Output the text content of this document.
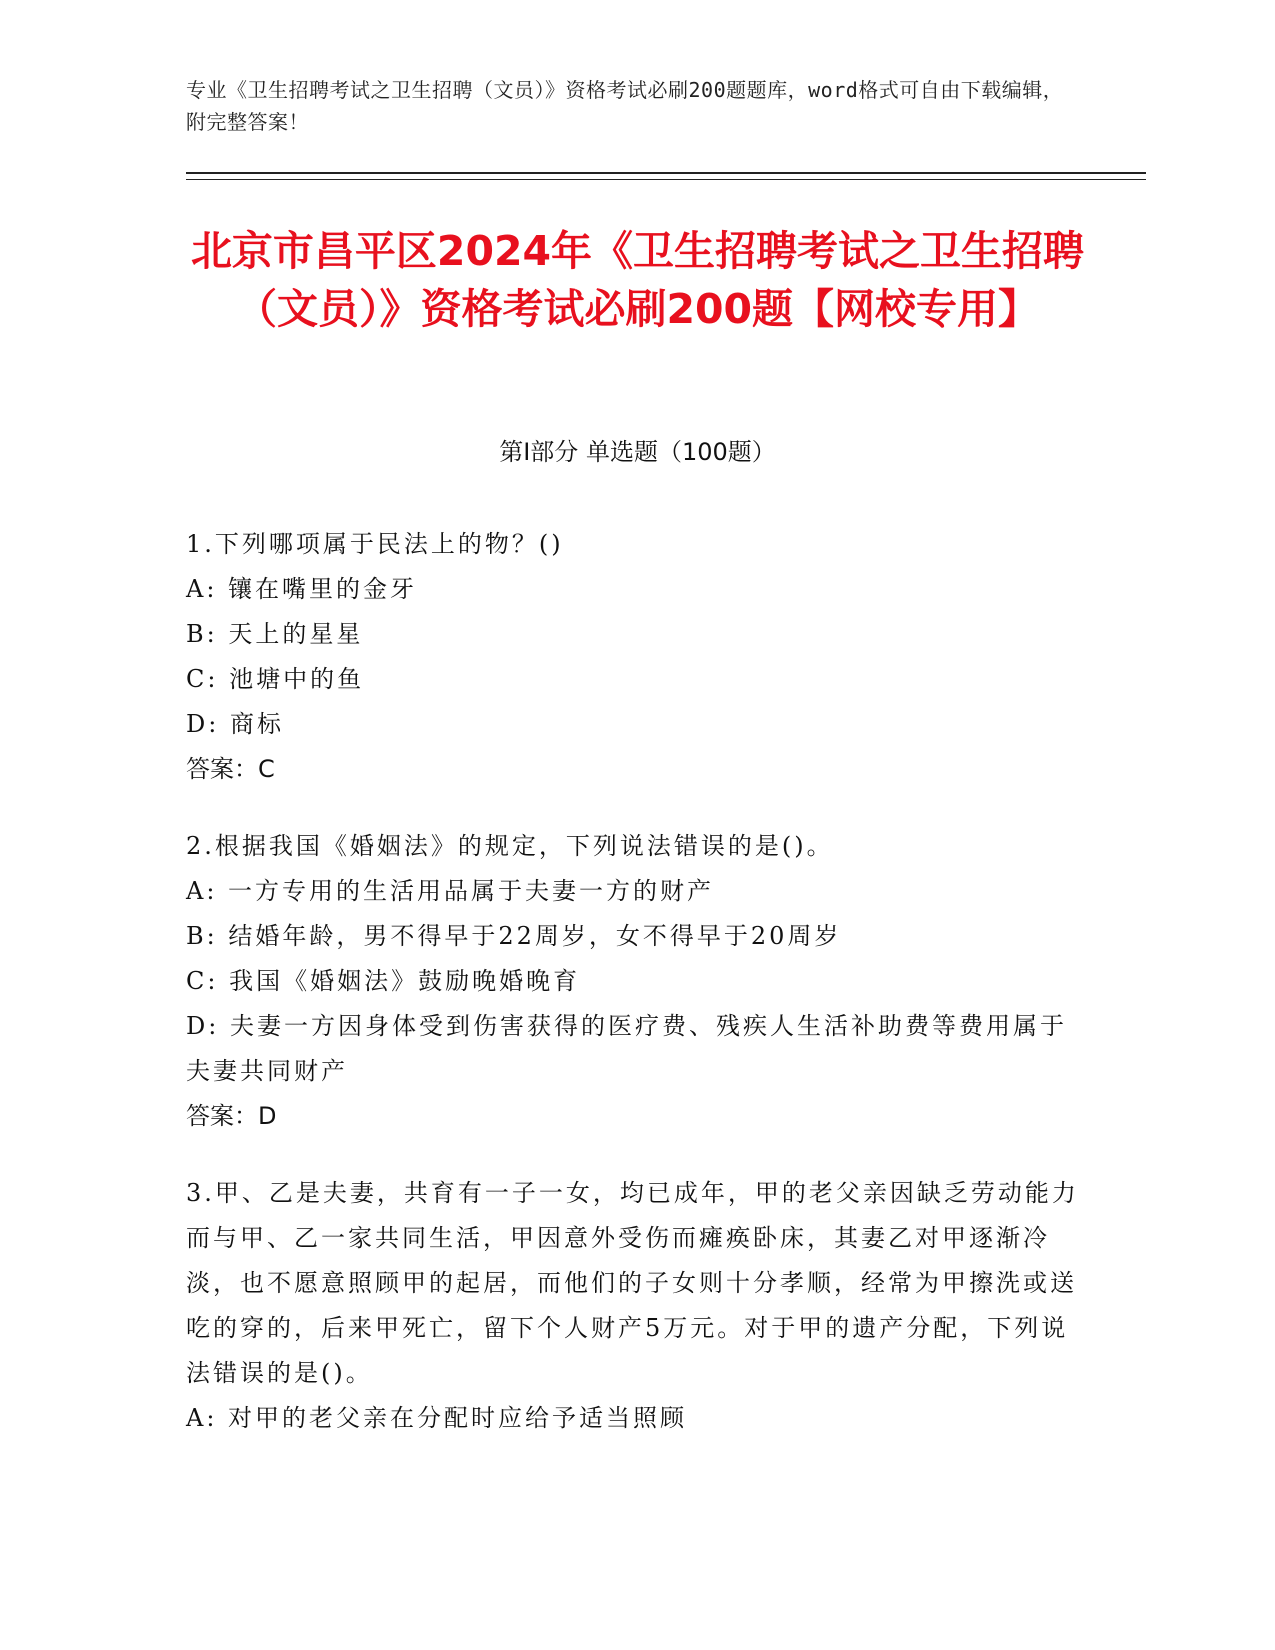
专业《卫生招聘考试之卫生招聘（文员）》资格考试必刷200题题库，word格式可自由下载编辑，附完整答案！
北京市昌平区2024年《卫生招聘考试之卫生招聘（文员）》资格考试必刷200题【网校专用】
第I部分 单选题（100题）
1.下列哪项属于民法上的物？()
A: 镶在嘴里的金牙
B: 天上的星星
C: 池塘中的鱼
D: 商标
答案：C
2.根据我国《婚姻法》的规定，下列说法错误的是()。
A: 一方专用的生活用品属于夫妻一方的财产
B: 结婚年龄，男不得早于22周岁，女不得早于20周岁
C: 我国《婚姻法》鼓励晚婚晚育
D: 夫妻一方因身体受到伤害获得的医疗费、残疾人生活补助费等费用属于夫妻共同财产
答案：D
3.甲、乙是夫妻，共育有一子一女，均已成年，甲的老父亲因缺乏劳动能力而与甲、乙一家共同生活，甲因意外受伤而瘫痪卧床，其妻乙对甲逐渐冷淡，也不愿意照顾甲的起居，而他们的子女则十分孝顺，经常为甲擦洗或送吃的穿的，后来甲死亡，留下个人财产5万元。对于甲的遗产分配，下列说法错误的是()。
A: 对甲的老父亲在分配时应给予适当照顾
